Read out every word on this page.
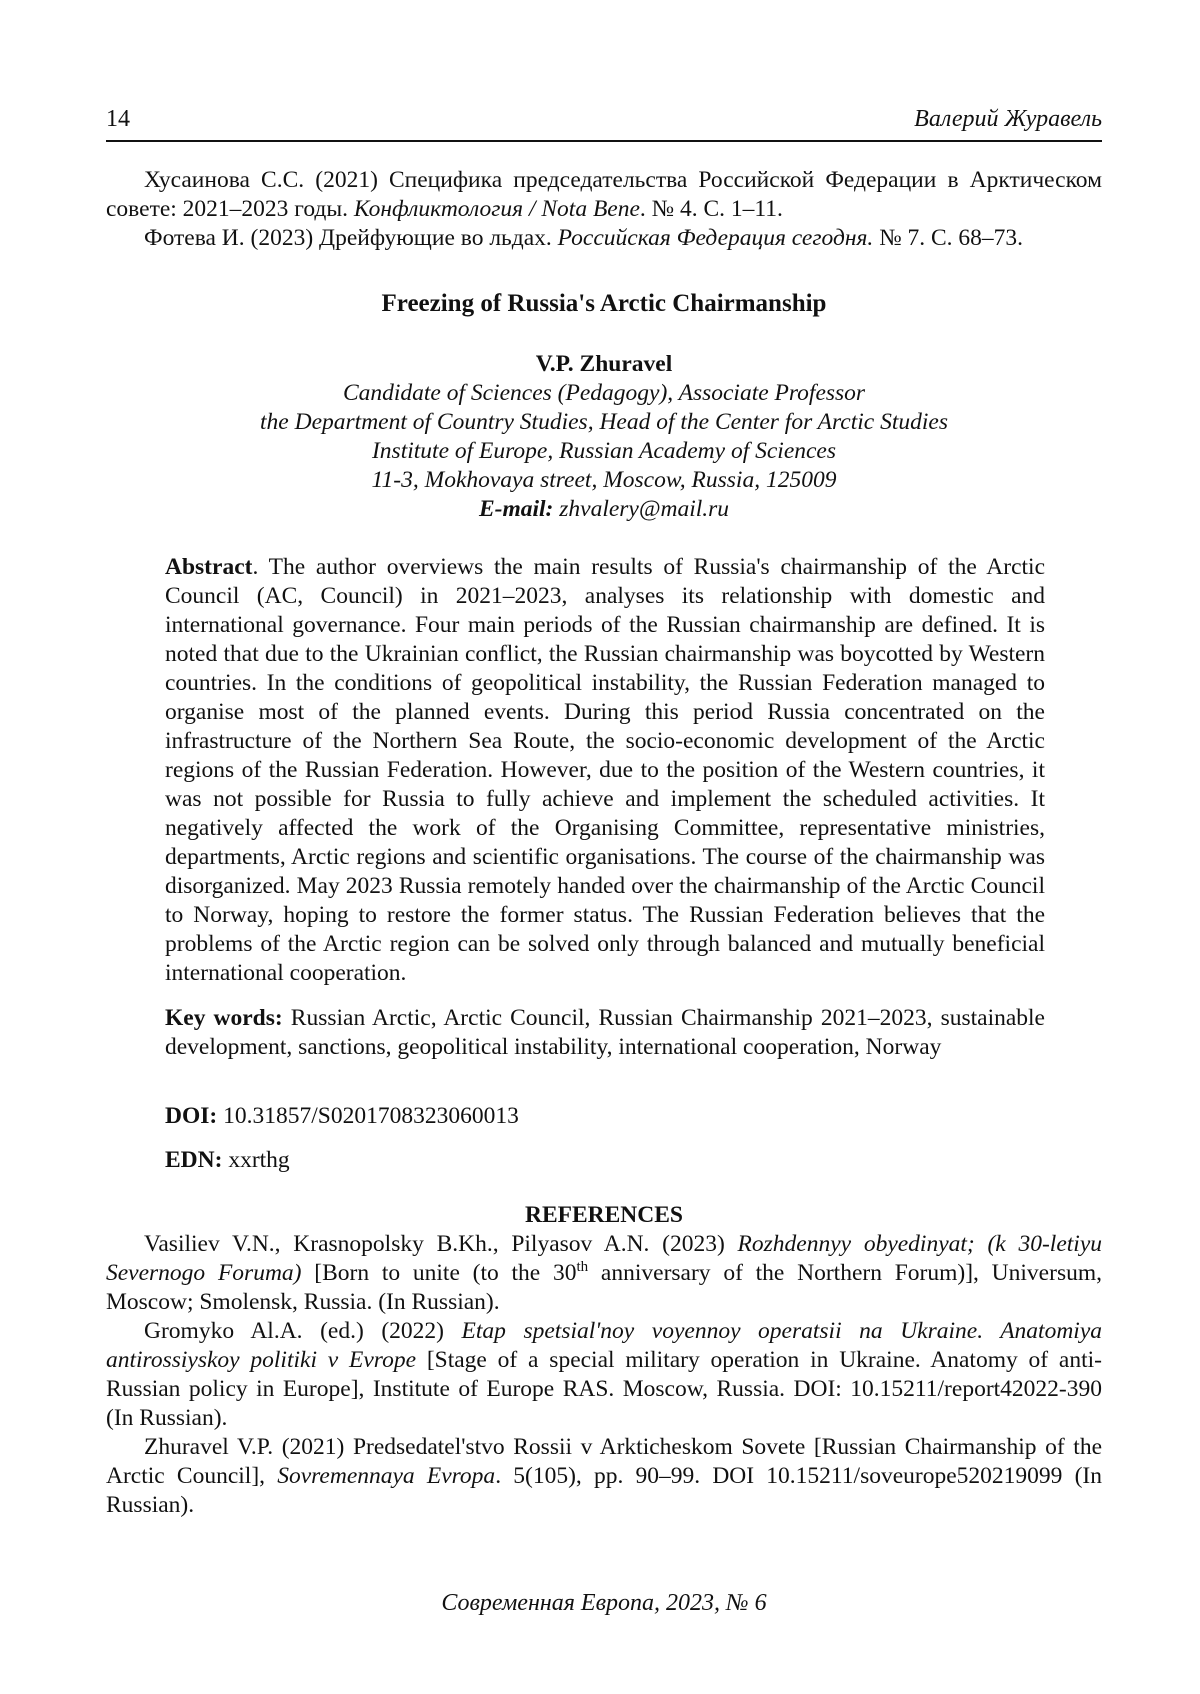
14	Валерий Журавель

Хусаинова С.С. (2021) Специфика председательства Российской Федерации в Арктическом совете: 2021–2023 годы. Конфликтология / Nota Bene. № 4. С. 1–11.

Фотева И. (2023) Дрейфующие во льдах. Российская Федерация сегодня. № 7. С. 68–73.

Freezing of Russia's Arctic Chairmanship
V.P. Zhuravel
Candidate of Sciences (Pedagogy), Associate Professor
the Department of Country Studies, Head of the Center for Arctic Studies
Institute of Europe, Russian Academy of Sciences
11-3, Mokhovaya street, Moscow, Russia, 125009
E-mail: zhvalery@mail.ru

Abstract. The author overviews the main results of Russia's chairmanship of the Arctic Council (AC, Council) in 2021–2023, analyses its relationship with domestic and international governance. Four main periods of the Russian chairmanship are defined. It is noted that due to the Ukrainian conflict, the Russian chairmanship was boycotted by Western countries. In the conditions of geopolitical instability, the Russian Federation managed to organise most of the planned events. During this period Russia concentrated on the infrastructure of the Northern Sea Route, the socio-economic development of the Arctic regions of the Russian Federation. However, due to the position of the Western countries, it was not possible for Russia to fully achieve and implement the scheduled activities. It negatively affected the work of the Organising Committee, representative ministries, departments, Arctic regions and scientific organisations. The course of the chairmanship was disorganized. May 2023 Russia remotely handed over the chairmanship of the Arctic Council to Norway, hoping to restore the former status. The Russian Federation believes that the problems of the Arctic region can be solved only through balanced and mutually beneficial international cooperation.

Key words: Russian Arctic, Arctic Council, Russian Chairmanship 2021–2023, sustainable development, sanctions, geopolitical instability, international cooperation, Norway

DOI: 10.31857/S0201708323060013
EDN: xxrthg
REFERENCES

Vasiliev V.N., Krasnopolsky B.Kh., Pilyasov A.N. (2023) Rozhdennyy obyedinyat; (k 30-letiyu Severnogo Foruma) [Born to unite (to the 30th anniversary of the Northern Forum)], Universum, Moscow; Smolensk, Russia. (In Russian).

Gromyko Al.A. (ed.) (2022) Etap spetsial'noy voyennoy operatsii na Ukraine. Anatomiya antirossiyskoy politiki v Evrope [Stage of a special military operation in Ukraine. Anatomy of anti-Russian policy in Europe], Institute of Europe RAS. Moscow, Russia. DOI: 10.15211/report42022-390 (In Russian).

Zhuravel V.P. (2021) Predsedatel'stvo Rossii v Arkticheskom Sovete [Russian Chairmanship of the Arctic Council], Sovremennaya Evropa. 5(105), pp. 90–99. DOI 10.15211/soveurope520219099 (In Russian).

Современная Европа, 2023, № 6
